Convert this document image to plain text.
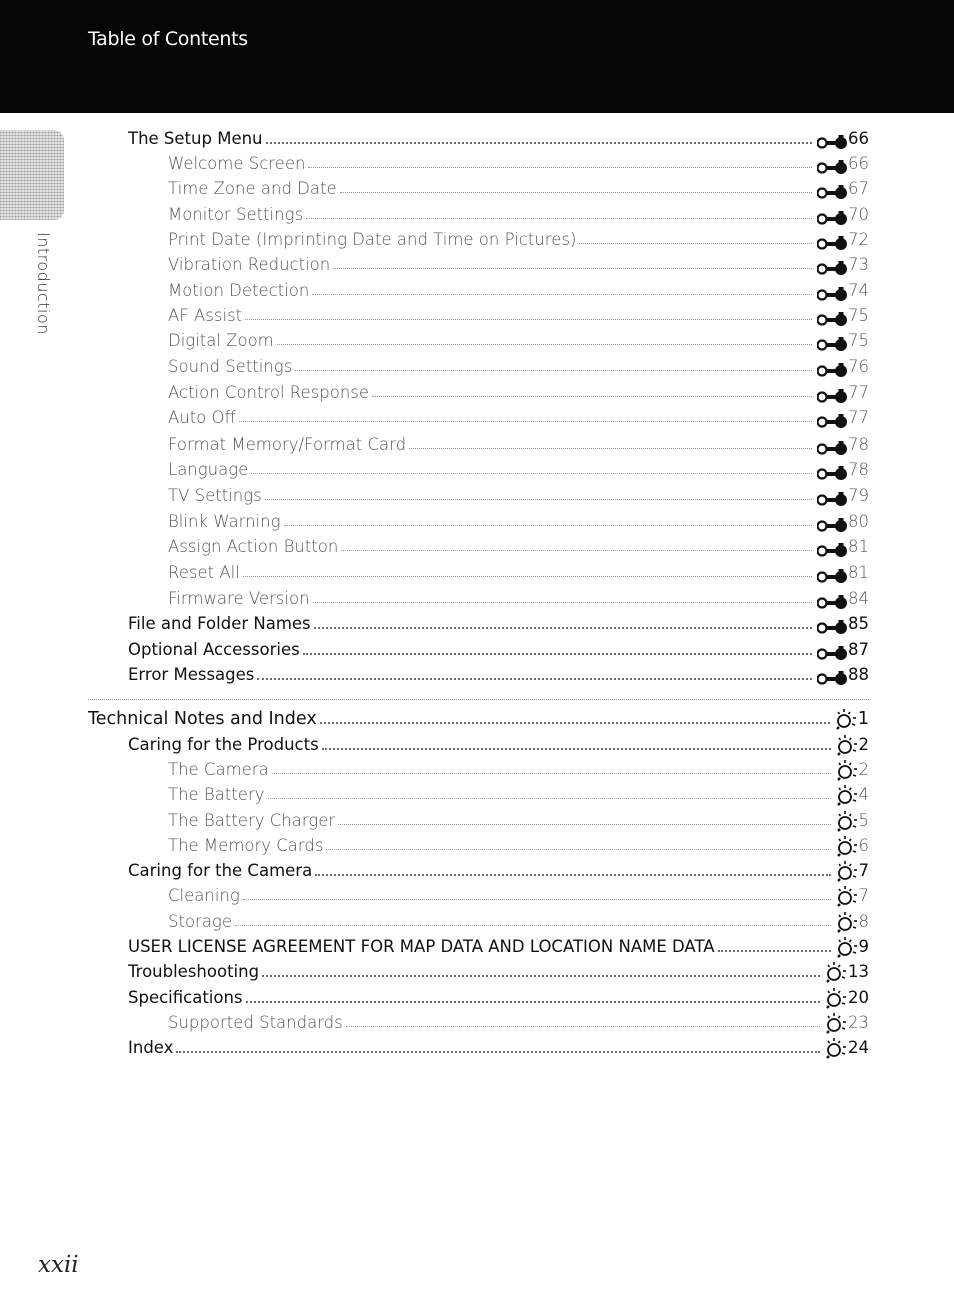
Table of Contents
Introduction
The Setup Menu	66
Welcome Screen	66
Time Zone and Date	67
Monitor Settings	70
Print Date (Imprinting Date and Time on Pictures)	72
Vibration Reduction	73
Motion Detection	74
AF Assist	75
Digital Zoom	75
Sound Settings	76
Action Control Response	77
Auto Off	77
Format Memory/Format Card	78
Language	78
TV Settings	79
Blink Warning	80
Assign Action Button	81
Reset All	81
Firmware Version	84
File and Folder Names	85
Optional Accessories	87
Error Messages	88
Technical Notes and Index	1
Caring for the Products	2
The Camera	2
The Battery	4
The Battery Charger	5
The Memory Cards	6
Caring for the Camera	7
Cleaning	7
Storage	8
USER LICENSE AGREEMENT FOR MAP DATA AND LOCATION NAME DATA	9
Troubleshooting	13
Specifications	20
Supported Standards	23
Index	24
xxii
